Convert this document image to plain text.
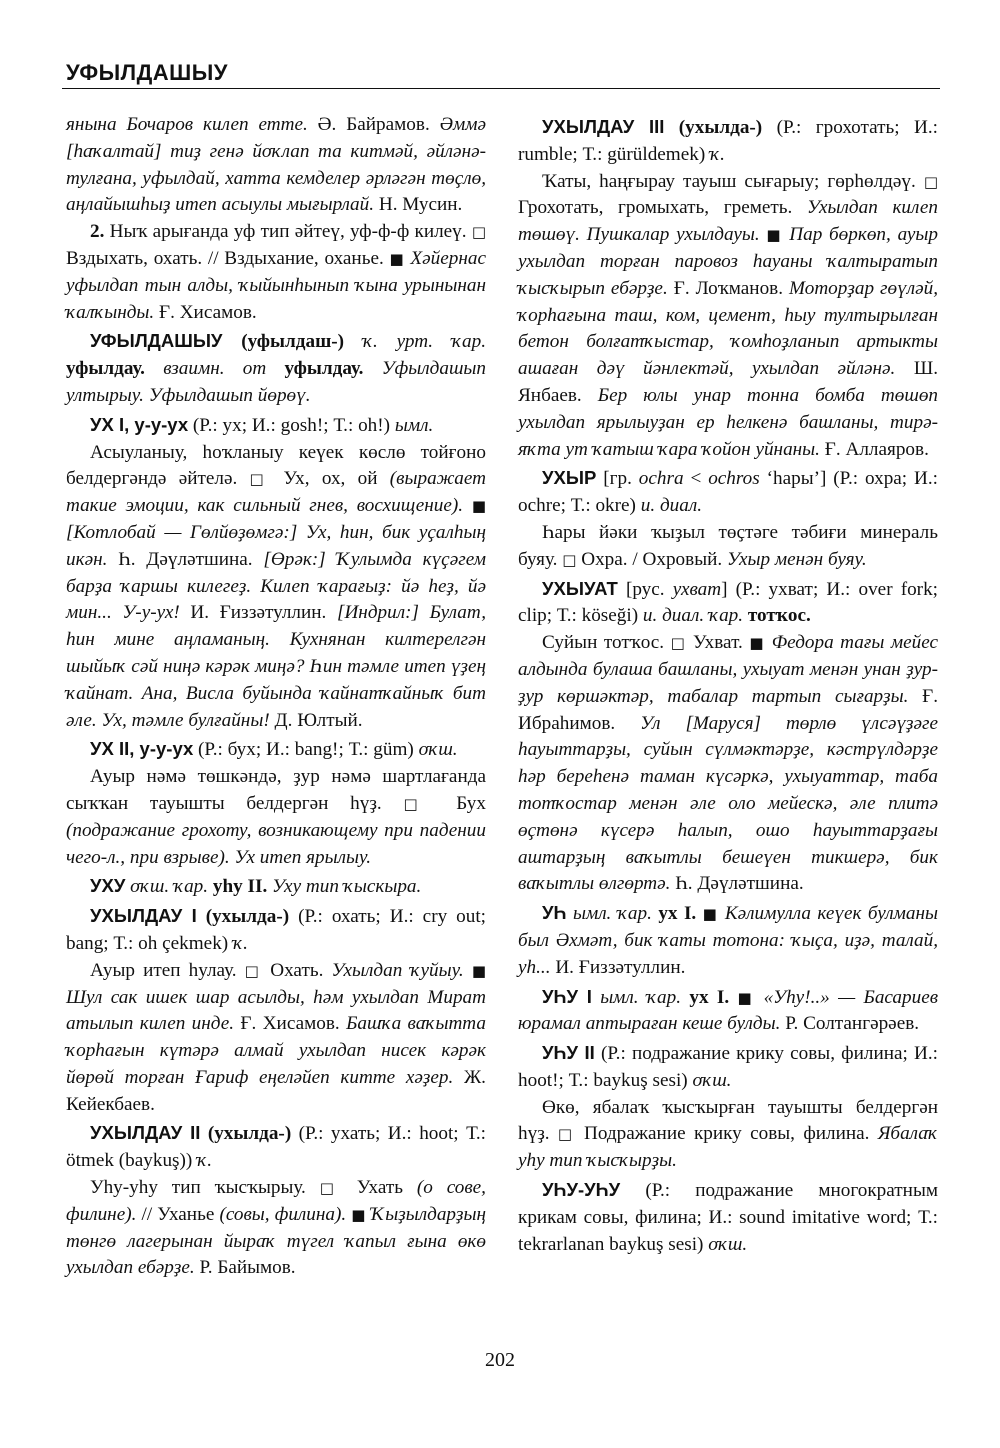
УФЫЛДАШЫУ

янына Бочаров килеп етте. Ә. Байрамов. Әммә [һаҡалтай] тиҙ генә йоҡлап та китмәй, әйләнә-тулғана, уфылдай, хатта кемделер әрләгән төҫлө, аңлайышһыҙ итеп асыулы мығырлай. Н. Мусин.

2. Ныҡ арығанда уф тип әйтеү, уф-ф-ф килеү. □ Вздыхать, охать. // Вздыхание, оханье. ■ Хәйернас уфылдап тын алды, ҡыйынһынып ҡына урынынан ҡалҡынды. Ғ. Хисамов.

УФЫЛДАШЫУ (уфылдаш-) ҡ. урт. ҡар. уфылдау. взаимн. от уфылдау. Уфылдашып ултырыу. Уфылдашып йөрөү.

УХ I, у-у-ух (Р.: ух; И.: gosh!; Т.: oh!) ымл.

Асыуланыу, һоҡланыу кеүек көслө тойғоно белдергәндә әйтелә. □ Ух, ох, ой (выражает такие эмоции, как сильный гнев, восхищение). ■ [Котлобай — Гөлйөҙөмгә:] Ух, һин, бик уҫалһың икән. Һ. Дәүләтшина. [Өрәк:] Ҡулымда күҫәгем барҙа ҡаршы килегеҙ. Килеп ҡарағыҙ: йә һеҙ, йә мин... У-у-ух! И. Ғиззәтуллин. [Индрил:] Булат, һин мине аңламаның. Кухнянан килтерелгән шыйыҡ сәй ниңә кәрәк миңә? Һин тәмле итеп үҙең ҡайнат. Ана, Висла буйында ҡайнатҡайныҡ бит әле. Ух, тәмле булғайны! Д. Юлтый.

УХ II, у-у-ух (Р.: бух; И.: bang!; Т.: güm) оҡш.

Ауыр нәмә төшкәндә, ҙур нәмә шартлағанда сыҡҡан тауышты белдергән һүҙ. □ Бух (подражание грохоту, возникающему при падении чего-л., при взрыве). Ух итеп ярылыу.

УХУ оҡш. ҡар. уһу II. Уху тип ҡыскыра.

УХЫЛДАУ I (ухылда-) (Р.: охать; И.: cry out; bang; Т.: oh çekmek) ҡ.

Ауыр итеп һулау. □ Охать. Ухылдап ҡуйыу. ■ Шул сак ишек шар асылды, һәм ухылдап Мират атылып килеп инде. Ғ. Хисамов. Башҡа ваҡытта ҡорһағын күтәрә алмай ухылдап нисек кәрәк йөрөй торған Ғариф еңеләйеп китте хәҙер. Ж. Кейекбаев.

УХЫЛДАУ II (ухылда-) (Р.: ухать; И.: hoot; Т.: ötmek (baykuş)) ҡ.

Уһу-уһу тип ҡысҡырыу. □ Ухать (о сове, филине). // Уханье (совы, филина). ■ Ҡыҙылдарҙың төнгө лагерынан йыраҡ түгел ҡапыл ғына өкө ухылдап ебәрҙе. Р. Байымов.

УХЫЛДАУ III (ухылда-) (Р.: грохотать; И.: rumble; Т.: gürüldemek) ҡ.

Ҡаты, һаңғырау тауыш сығарыу; гөрһөлдәү. □ Грохотать, громыхать, греметь. Ухылдап килеп төшөү. Пушкалар ухылдауы. ■ Пар бөркөп, ауыр ухылдап торған паровоз һауаны ҡалтыратып ҡысҡырып ебәрҙе. Ғ. Лоҡманов. Моторҙар гөүләй, ҡорһағына таш, ком, цемент, һыу тултырылған бетон болғатҡыстар, ҡомһоҙланып артыкты ашаған дәү йәнлектәй, ухылдап әйләнә. Ш. Янбаев. Бер юлы унар тонна бомба төшөп ухылдап ярылыуҙан ер һелкенә башланы, тирә-яҡта ут ҡатыш ҡара ҡойон уйнаны. Ғ. Аллаяров.

УХЫР [гр. ochra < ochros ‘һары’] (Р.: охра; И.: ochre; Т.: okre) и. диал.

Һары йәки ҡыҙыл төҫтәге тәбиғи минераль буяу. □ Охра. / Охровый. Ухыр менән буяу.

УХЫУАТ [рус. ухват] (Р.: ухват; И.: over fork; clip; Т.: köseği) и. диал. ҡар. тотҡос.

Суйын тотҡос. □ Ухват. ■ Федора тағы мейес алдында булаша башланы, ухыуат менән унан ҙур-ҙур көршәктәр, табалар тартып сығарҙы. Ғ. Ибраһимов. Ул [Маруся] төрлө үлсәүҙәге һауыттарҙы, суйын сүлмәктәрҙе, кәстрүлдәрҙе һәр береһенә таман күсәркә, ухыуаттар, таба тотҡостар менән әле оло мейескә, әле плитә өҫтөнә күсерә һалып, ошо һауыттарҙағы аштарҙың ваҡытлы бешеүен тикшерә, бик ваҡытлы өлгөртә. Һ. Дәүләтшина.

УҺ ымл. ҡар. ух I. ■ Кәлимулла кеүек булманы был Әхмәт, бик ҡаты тотона: ҡыҫа, иҙә, талай, уһ... И. Ғиззәтуллин.

УҺУ I ымл. ҡар. ух I. ■ «Уһу!..» — Басариев юрамал аптыраған кеше булды. Р. Солтангәрәев.

УҺУ II (Р.: подражание крику совы, филина; И.: hoot!; Т.: baykuş sesi) оҡш.

Өкө, ябалаҡ ҡысҡырған тауышты белдергән һүҙ. □ Подражание крику совы, филина. Ябалаҡ уһу тип ҡысҡырҙы.

УҺУ-УҺУ (Р.: подражание многократным крикам совы, филина; И.: sound imitative word; Т.: tekrarlanan baykuş sesi) оҡш.

202
